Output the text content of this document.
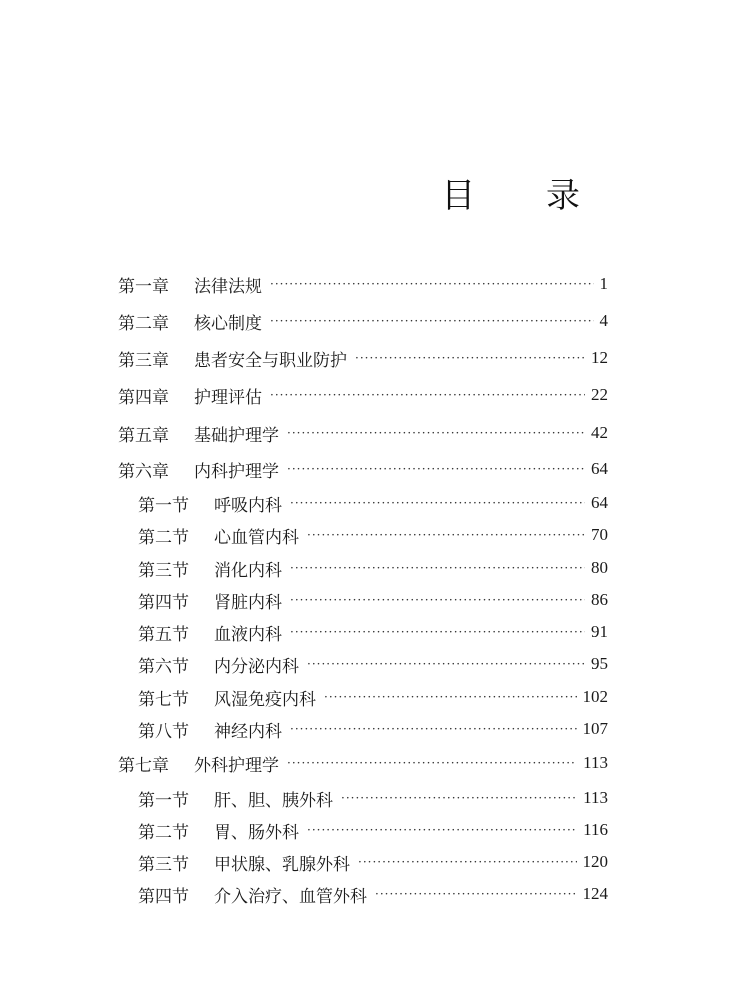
目 录
第一章	法律法规 ·····	1
第二章	核心制度 ·····	4
第三章	患者安全与职业防护 ·····	12
第四章	护理评估 ·····	22
第五章	基础护理学 ·····	42
第六章	内科护理学 ·····	64
第一节	呼吸内科 ·····	64
第二节	心血管内科 ·····	70
第三节	消化内科 ·····	80
第四节	肾脏内科 ·····	86
第五节	血液内科 ·····	91
第六节	内分泌内科 ·····	95
第七节	风湿免疫内科 ·····	102
第八节	神经内科 ·····	107
第七章	外科护理学 ·····	113
第一节	肝、胆、胰外科 ·····	113
第二节	胃、肠外科 ·····	116
第三节	甲状腺、乳腺外科 ·····	120
第四节	介入治疗、血管外科 ·····	124
